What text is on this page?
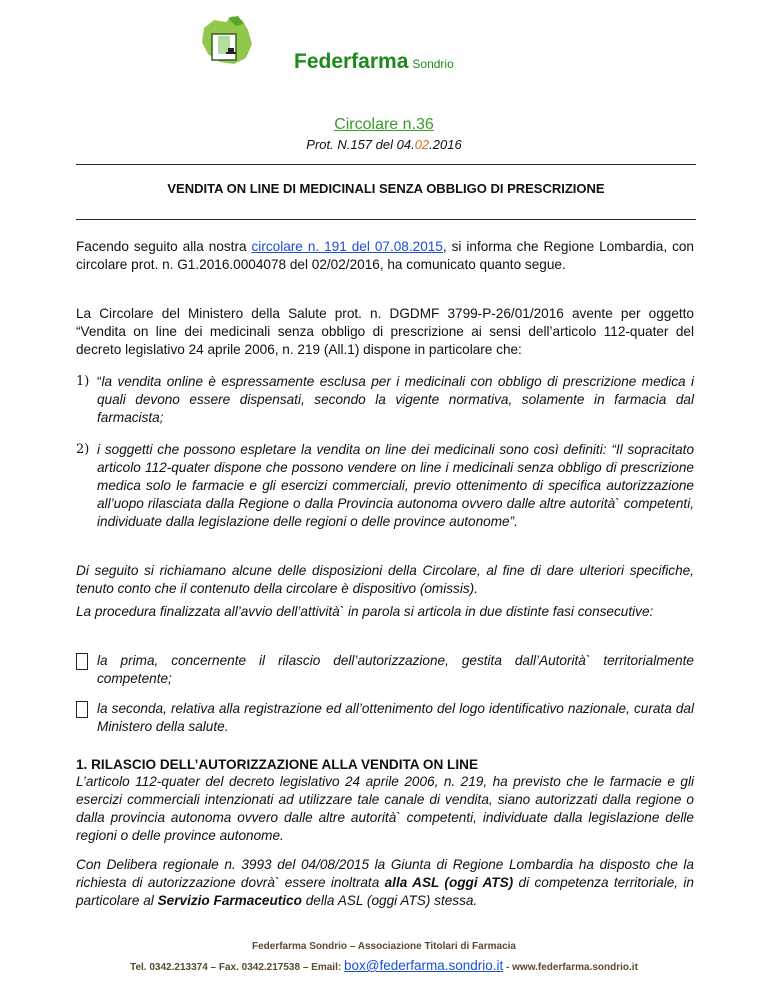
Federfarma Sondrio
Circolare n.36
Prot. N.157 del 04.02.2016
VENDITA ON LINE DI MEDICINALI SENZA OBBLIGO DI PRESCRIZIONE
Facendo seguito alla nostra circolare n. 191 del 07.08.2015, si informa che Regione Lombardia, con circolare prot. n. G1.2016.0004078 del 02/02/2016, ha comunicato quanto segue.
La Circolare del Ministero della Salute prot. n. DGDMF 3799-P-26/01/2016 avente per oggetto “Vendita on line dei medicinali senza obbligo di prescrizione ai sensi dell’articolo 112-quater del decreto legislativo 24 aprile 2006, n. 219 (All.1) dispone in particolare che:
1) “la vendita online è espressamente esclusa per i medicinali con obbligo di prescrizione medica i quali devono essere dispensati, secondo la vigente normativa, solamente in farmacia dal farmacista;
2) i soggetti che possono espletare la vendita on line dei medicinali sono così definiti: “Il sopracitato articolo 112-quater dispone che possono vendere on line i medicinali senza obbligo di prescrizione medica solo le farmacie e gli esercizi commerciali, previo ottenimento di specifica autorizzazione all’uopo rilasciata dalla Regione o dalla Provincia autonoma ovvero dalle altre autorità` competenti, individuate dalla legislazione delle regioni o delle province autonome”.
Di seguito si richiamano alcune delle disposizioni della Circolare, al fine di dare ulteriori specifiche, tenuto conto che il contenuto della circolare è dispositivo (omissis).
La procedura finalizzata all’avvio dell’attività` in parola si articola in due distinte fasi consecutive:
la prima, concernente il rilascio dell’autorizzazione, gestita dall’Autorità` territorialmente competente;
la seconda, relativa alla registrazione ed all’ottenimento del logo identificativo nazionale, curata dal Ministero della salute.
1. RILASCIO DELL’AUTORIZZAZIONE ALLA VENDITA ON LINE
L’articolo 112-quater del decreto legislativo 24 aprile 2006, n. 219, ha previsto che le farmacie e gli esercizi commerciali intenzionati ad utilizzare tale canale di vendita, siano autorizzati dalla regione o dalla provincia autonoma ovvero dalle altre autorità` competenti, individuate dalla legislazione delle regioni o delle province autonome.
Con Delibera regionale n. 3993 del 04/08/2015 la Giunta di Regione Lombardia ha disposto che la richiesta di autorizzazione dovrà` essere inoltrata alla ASL (oggi ATS) di competenza territoriale, in particolare al Servizio Farmaceutico della ASL (oggi ATS) stessa.
Federfarma Sondrio – Associazione Titolari di Farmacia
Tel. 0342.213374 – Fax. 0342.217538 – Email: box@federfarma.sondrio.it - www.federfarma.sondrio.it
